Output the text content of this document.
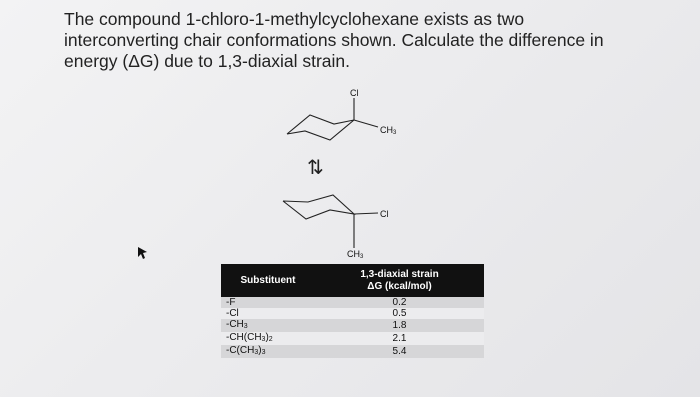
The compound 1-chloro-1-methylcyclohexane exists as two
interconverting chair conformations shown. Calculate the difference in
energy (ΔG) due to 1,3-diaxial strain.
Cl
$CH_3$
⇅
Cl
$CH_3$
Substituent	1,3-diaxial strain
ΔG (kcal/mol)
-F	0.2
-Cl	0.5
$-CH_3$	1.8
$-CH(CH_3)_2$	2.1
$-C(CH_3)_3$	5.4
